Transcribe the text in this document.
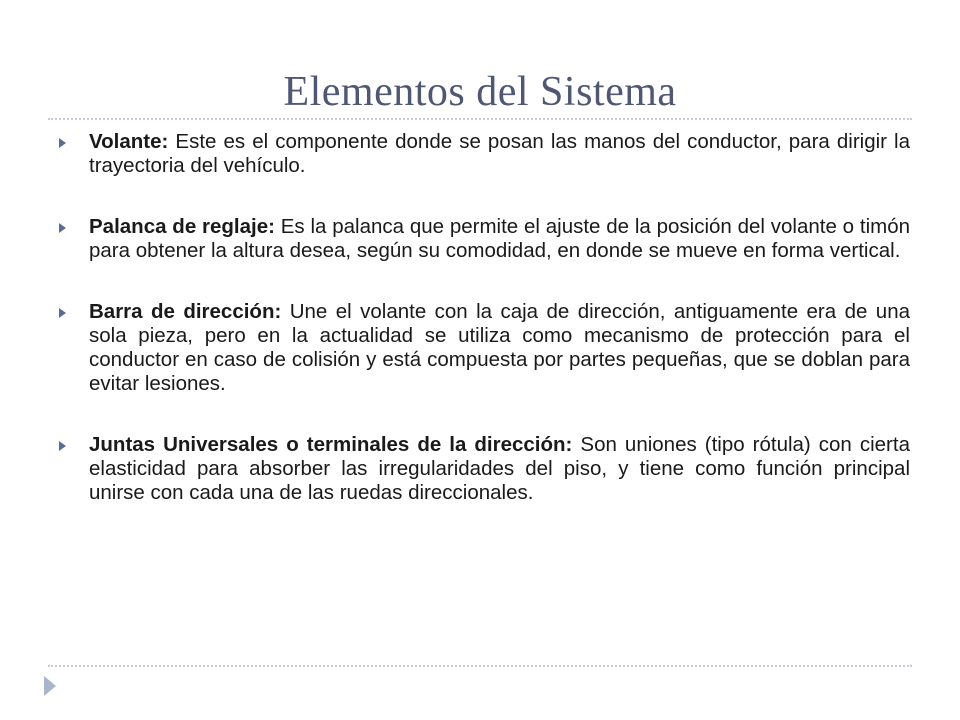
Elementos del Sistema
Volante: Este es el componente donde se posan las manos del conductor, para dirigir la trayectoria del vehículo.
Palanca de reglaje: Es la palanca que permite el ajuste de la posición del volante o timón para obtener la altura desea, según su comodidad, en donde se mueve en forma vertical.
Barra de dirección: Une el volante con la caja de dirección, antiguamente era de una sola pieza, pero en la actualidad se utiliza como mecanismo de protección para el conductor en caso de colisión y está compuesta por partes pequeñas, que se doblan para evitar lesiones.
Juntas Universales o terminales de la dirección: Son uniones (tipo rótula) con cierta elasticidad para absorber las irregularidades del piso, y tiene como función principal unirse con cada una de las ruedas direccionales.
